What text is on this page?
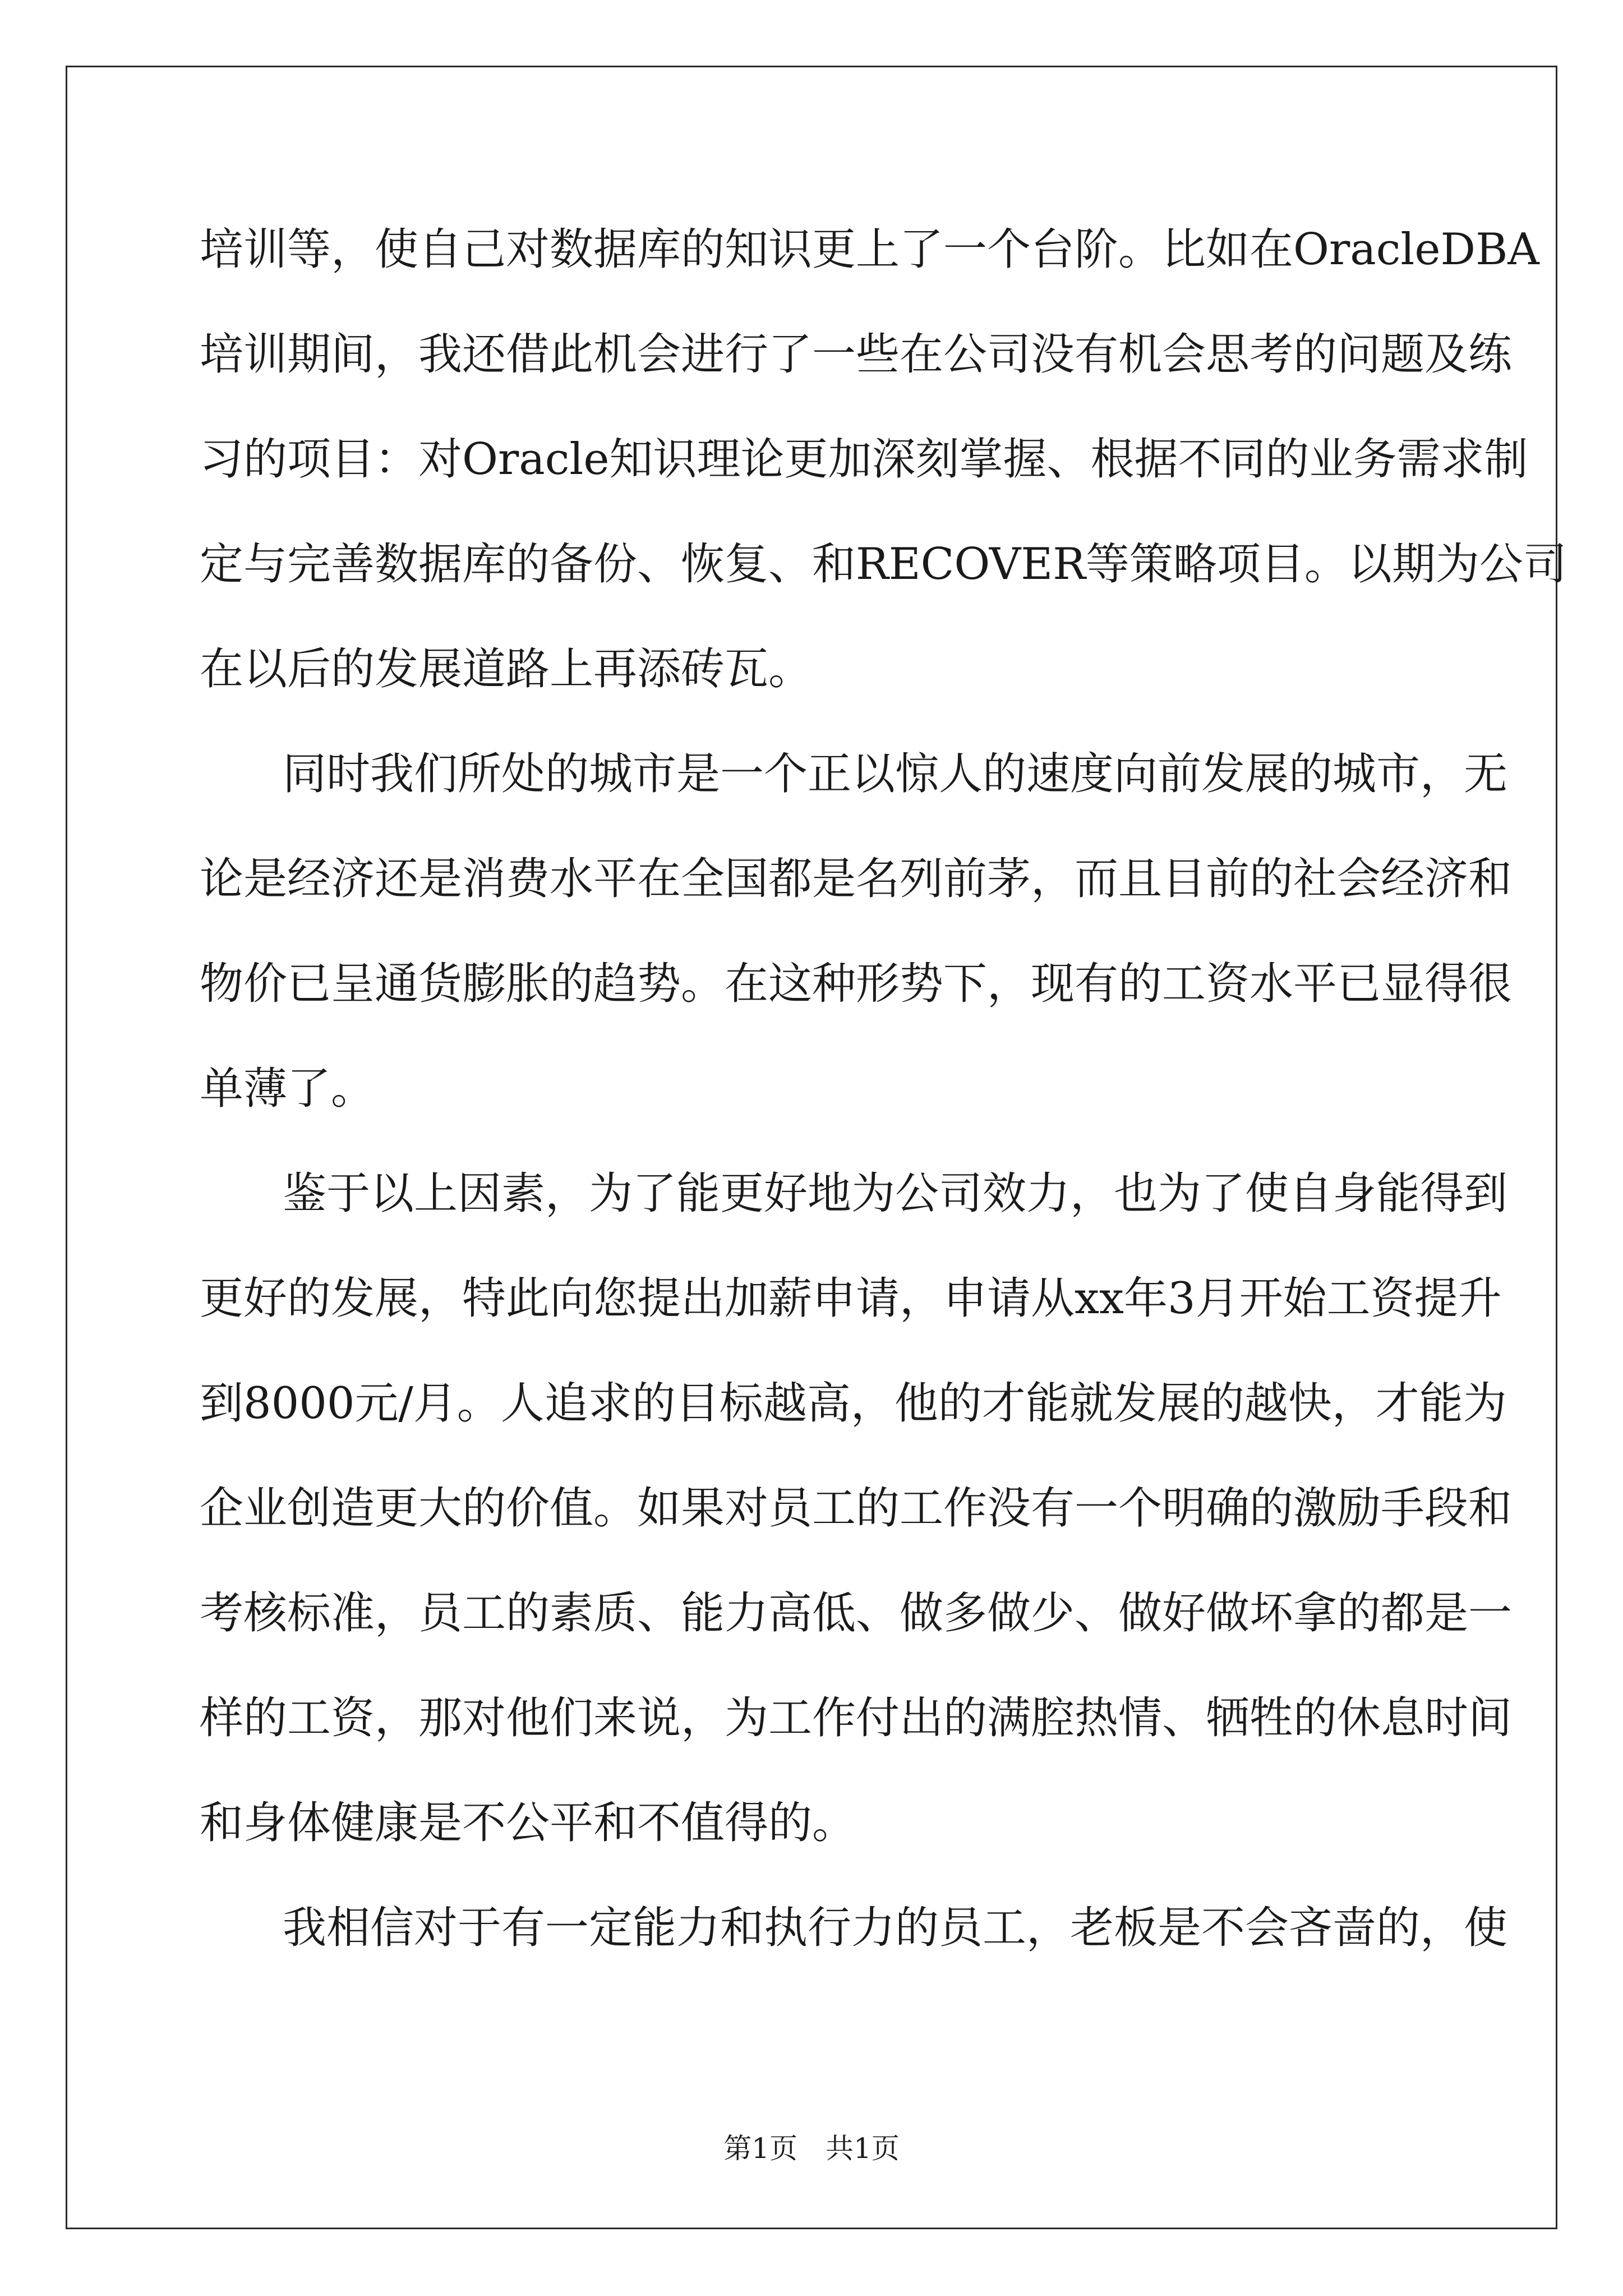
培训等，使自己对数据库的知识更上了一个台阶。比如在OracleDBA
培训期间，我还借此机会进行了一些在公司没有机会思考的问题及练
习的项目：对Oracle知识理论更加深刻掌握、根据不同的业务需求制
定与完善数据库的备份、恢复、和RECOVER等策略项目。以期为公司
在以后的发展道路上再添砖瓦。
同时我们所处的城市是一个正以惊人的速度向前发展的城市，无
论是经济还是消费水平在全国都是名列前茅，而且目前的社会经济和
物价已呈通货膨胀的趋势。在这种形势下，现有的工资水平已显得很
单薄了。
鉴于以上因素，为了能更好地为公司效力，也为了使自身能得到
更好的发展，特此向您提出加薪申请，申请从xx年3月开始工资提升
到8000元/月。人追求的目标越高，他的才能就发展的越快，才能为
企业创造更大的价值。如果对员工的工作没有一个明确的激励手段和
考核标准，员工的素质、能力高低、做多做少、做好做坏拿的都是一
样的工资，那对他们来说，为工作付出的满腔热情、牺牲的休息时间
和身体健康是不公平和不值得的。
我相信对于有一定能力和执行力的员工，老板是不会吝啬的，使
第1页　共1页
